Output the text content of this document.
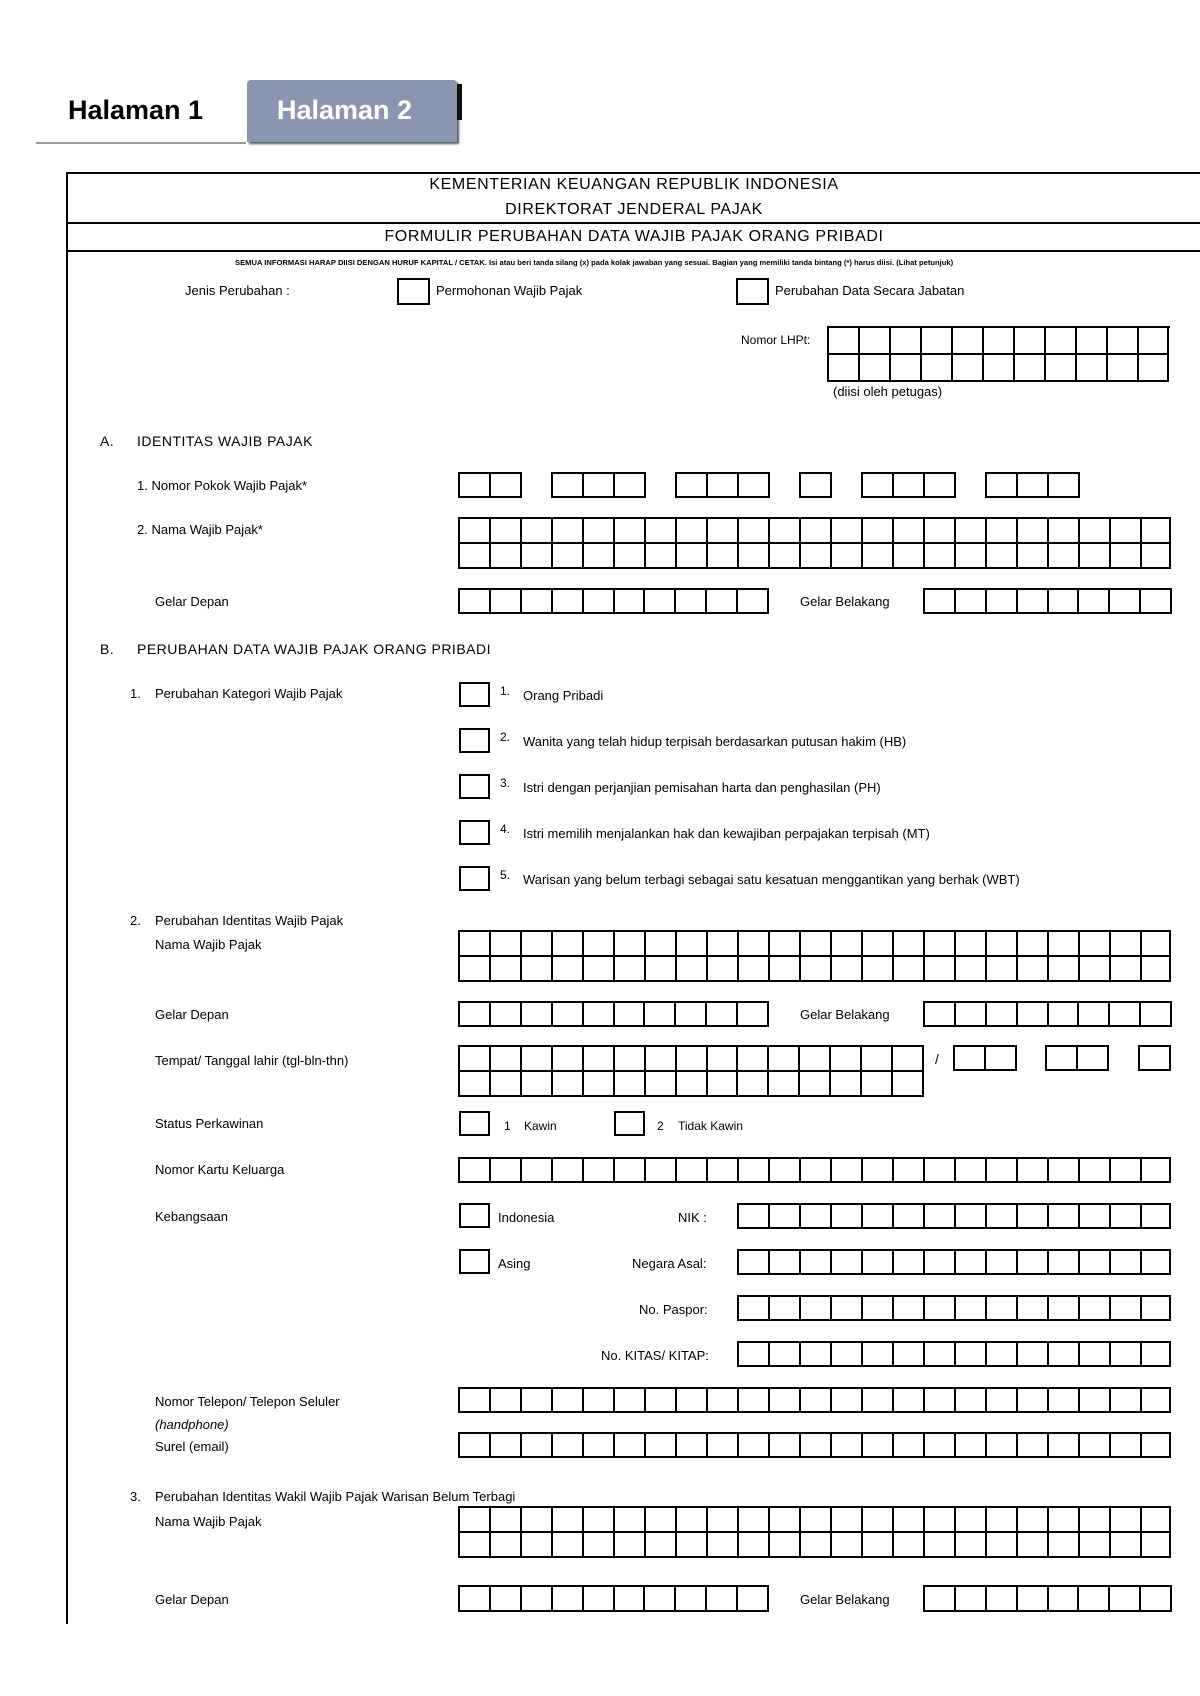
Halaman 1	Halaman 2
KEMENTERIAN KEUANGAN REPUBLIK INDONESIA
DIREKTORAT JENDERAL PAJAK
FORMULIR PERUBAHAN DATA WAJIB PAJAK ORANG PRIBADI
SEMUA INFORMASI HARAP DIISI DENGAN HURUF KAPITAL / CETAK. Isi atau beri tanda silang (x) pada kolak jawaban yang sesuai. Bagian yang memiliki tanda bintang (*) harus diisi. (Lihat petunjuk)
Jenis Perubahan :	Permohonan Wajib Pajak	Perubahan Data Secara Jabatan
Nomor LHPt:
(diisi oleh petugas)
A. IDENTITAS WAJIB PAJAK
1. Nomor Pokok Wajib Pajak*
2. Nama Wajib Pajak*
Gelar Depan	Gelar Belakang
B. PERUBAHAN DATA WAJIB PAJAK ORANG PRIBADI
1. Perubahan Kategori Wajib Pajak	1. Orang Pribadi
2. Wanita yang telah hidup terpisah berdasarkan putusan hakim (HB)
3. Istri dengan perjanjian pemisahan harta dan penghasilan (PH)
4. Istri memilih menjalankan hak dan kewajiban perpajakan terpisah (MT)
5. Warisan yang belum terbagi sebagai satu kesatuan menggantikan yang berhak (WBT)
2. Perubahan Identitas Wajib Pajak
Nama Wajib Pajak
Gelar Depan	Gelar Belakang
Tempat/ Tanggal lahir (tgl-bln-thn)	/
Status Perkawinan	1 Kawin	2 Tidak Kawin
Nomor Kartu Keluarga
Kebangsaan	Indonesia	NIK :
Asing	Negara Asal:
No. Paspor:
No. KITAS/ KITAP:
Nomor Telepon/ Telepon Seluler
(handphone)
Surel (email)
3. Perubahan Identitas Wakil Wajib Pajak Warisan Belum Terbagi
Nama Wajib Pajak
Gelar Depan	Gelar Belakang
